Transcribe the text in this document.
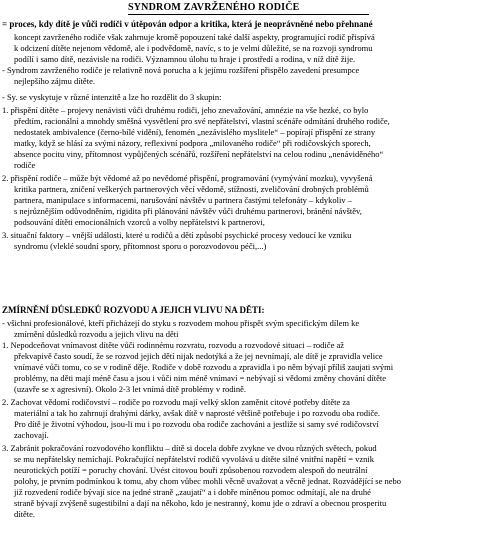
SYNDROM ZAVRŽENÉHO RODIČE
= proces, kdy dítě je vůči rodiči v útěpován odpor a kritika, která je neoprávněné nebo přehnané
koncept zavrženého rodiče však zahrnuje kromě popouzení také další aspekty, programující rodič přispívá
k odcizení dítěte nejenom vědomě, ale i podvědomě, navíc, s to je velmi důležité, se na rozvoji syndromu
podílí i samo dítě, nezávisle na rodiči. Významnou úlohu tu hraje i prostředí a rodina, v níž dítě žije.
- Syndrom zavrženého rodiče je relativně nová porucha a k jejímu rozšíření přispělo zavedení presumpce
nejlepšího zájmu dítěte.
- Sy. se vyskytuje v různé intenzitě a lze ho rozdělit do 3 skupin:
1. přispění dítěte – projevy nenávisti vůči druhému rodiči, jeho znevažování, amnézie na vše hezké, co bylo
předtím, racionální a mnohdy směšná vysvětlení pro své nepřátelství, vlastní scénáře odmítání druhého rodiče,
nedostatek ambivalence (černo-bílé vidění), fenomén „nezávislého myslitele“ – popírají přispění ze strany
matky, když se hlásí za svými názory, reflexivní podpora „milovaného rodiče“ při rodičovských sporech,
absence pocitu viny, přítomnost vypůjčených scénářů, rozšíření nepřátelství na celou rodinu „nenáviděného“
rodiče
2. přispění rodiče – může být vědomé až po nevědomé přispění, programování (vymývání mozku), vyvyšená
kritika partnera, zničení veškerých partnerových věcí vědomě, stížnosti, zveličování drobných problémů
partnera, manipulace s informacemi, narušování návštěv u partnera častými telefonáty – kdykoliv –
s nejrůznějším odůvodněním, rigidita při plánování návštěv vůči druhému partnerovi, bránění návštěv,
podsouvání dítěti emocionálních vzorců a volby nepřátelství k partnerovi,
3. situační faktory – vnější události, které u rodičů a dětí způsobí psychické procesy vedoucí ke vzniku
syndromu (vleklé soudní spory, přítomnost sporu o porozvodovou péči,...)
ZMÍRNĚNÍ DŮSLEDKŮ ROZVODU A JEJICH VLIVU NA DĚTI:
- všichni profesionálové, kteří přicházejí do styku s rozvodem mohou přispět svým specifickým dílem ke
zmírnění důsledků rozvodu a jejich vlivu na děti
1. Nepodceňovat vnímavost dítěte vůči rodinnému rozvratu, rozvodu a rozvodové situaci – rodiče až
překvapivě často soudí, že se rozvod jejich dětí nijak nedotýká a že jej nevnímají, ale dítě je zpravidla velice
vnímavé vůči tomu, co se v rodině děje. Rodiče v době rozvodu a zpravidla i po něm bývají příliš zaujati svými
problémy, na děti mají méně času a jsou i vůči nim méně vnímaví = nebývají si vědomi změny chování dítěte
(uzavře se x agresivní). Okolo 2-3 let vnímá dítě problémy v rodině.
2. Zachovat vědomí rodičovství – rodiče po rozvodu mají velký sklon zaměnit citové potřeby dítěte za
materiální a tak ho zahrnují drahými dárky, avšak dítě v naprosté většině potřebuje i po rozvodu oba rodiče.
Pro dítě je životní výhodou, jsou-li mu i po rozvodu oba rodiče zachováni a jestliže si samy své rodičovství
zachovají.
3. Zabránit pokračování rozvodového konfliktu – dítě si docela dobře zvykne ve dvou různých světech, pokud
se mu nepřátelsky nemíchají. Pokračující nepřátelství rodičů vyvolává u dítěte silné vnitřní napětí = vznik
neurotických potíží = poruchy chování. Uvést citovou bouři způsobenou rozvodem alespoň do neutrální
polohy, je prvním podmínkou k tomu, aby chom vůbec mohli věcně uvažovat a věcně jednat. Rozvádějící se nebo
již rozvedení rodiče bývají sice na jedné straně „zaujatí“ a i dobře míněnou pomoc odmítají, ale na druhé
straně bývají zvýšeně sugestibilní a dají na někoho, kdo je nestranný, komu jde o zdraví a obecnou prosperitu
dítěte.
